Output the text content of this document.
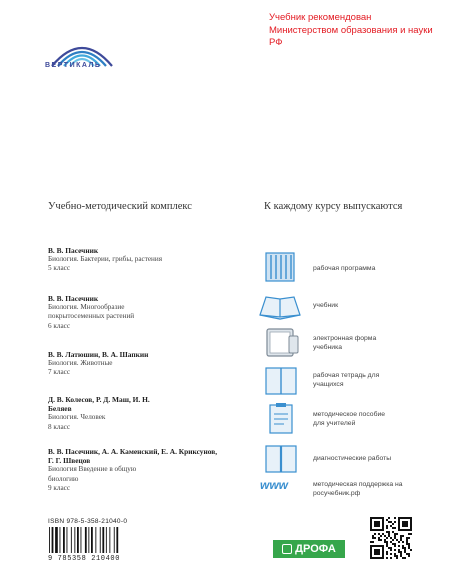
ВЕРТИКАЛЬ
Учебник рекомендован Министерством образования и науки РФ
Учебно-методический комплекс	К каждому курсу выпускаются
В. В. Пасечник
Биология. Бактерии, грибы, растения
5 класс
В. В. Пасечник
Биология. Многообразие покрытосеменных растений
6 класс
В. В. Латюшин, В. А. Шапкин
Биология. Животные
7 класс
Д. В. Колесов, Р. Д. Маш, И. Н. Беляев
Биология. Человек
8 класс
В. В. Пасечник, А. А. Каменский, Е. А. Криксунов, Г. Г. Швецов
Биология Введение в общую биологию
9 класс	www
рабочая программа
учебник
электронная форма учебника
рабочая тетрадь для учащихся
методическое пособие для учителей
диагностические работы
методическая поддержка на росучебник.рф
ISBN 978-5-358-21040-0
9 785358 210400
ДРОФА
